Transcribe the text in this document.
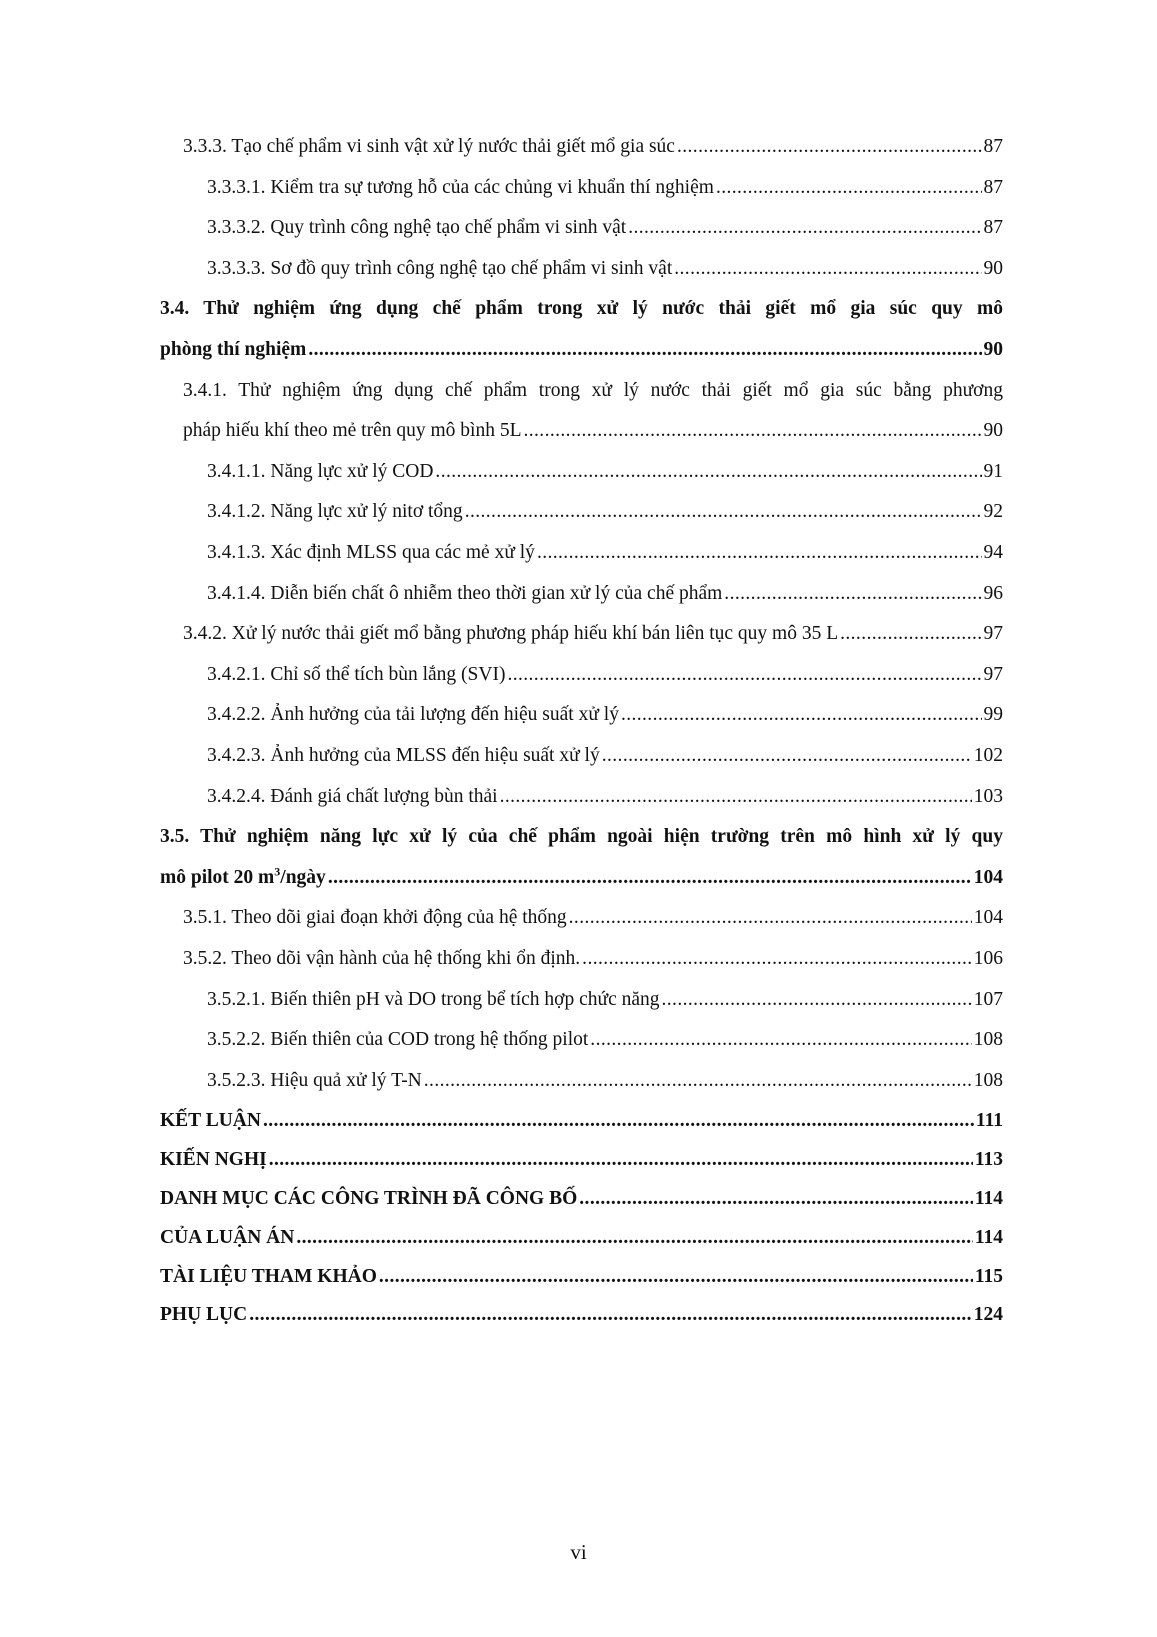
3.3.3. Tạo chế phẩm vi sinh vật xử lý nước thải giết mổ gia súc .....	87
3.3.3.1. Kiểm tra sự tương hỗ của các chủng vi khuẩn thí nghiệm .....	87
3.3.3.2. Quy trình công nghệ tạo chế phẩm vi sinh vật .....	87
3.3.3.3. Sơ đồ quy trình công nghệ tạo chế phẩm vi sinh vật .....	90
3.4. Thử nghiệm ứng dụng chế phẩm trong xử lý nước thải giết mổ gia súc quy mô
phòng thí nghiệm .....	90
3.4.1. Thử nghiệm ứng dụng chế phẩm trong xử lý nước thải giết mổ gia súc bằng phương
pháp hiếu khí theo mẻ trên quy mô bình 5L .....	90
3.4.1.1. Năng lực xử lý COD .....	91
3.4.1.2. Năng lực xử lý nitơ tổng .....	92
3.4.1.3. Xác định MLSS qua các mẻ xử lý .....	94
3.4.1.4. Diễn biến chất ô nhiễm theo thời gian xử lý của chế phẩm .....	96
3.4.2. Xử lý nước thải giết mổ bằng phương pháp hiếu khí bán liên tục quy mô 35 L .....	97
3.4.2.1. Chỉ số thể tích bùn lắng (SVI) .....	97
3.4.2.2. Ảnh hưởng của tải lượng đến hiệu suất xử lý .....	99
3.4.2.3. Ảnh hưởng của MLSS đến hiệu suất xử lý .....	102
3.4.2.4. Đánh giá chất lượng bùn thải .....	103
3.5. Thử nghiệm năng lực xử lý của chế phẩm ngoài hiện trường trên mô hình xử lý quy
mô pilot 20 $m^3$/ngày .....	104
3.5.1. Theo dõi giai đoạn khởi động của hệ thống .....	104
3.5.2. Theo dõi vận hành của hệ thống khi ổn định. .....	106
3.5.2.1. Biến thiên pH và DO trong bể tích hợp chức năng .....	107
3.5.2.2. Biến thiên của COD trong hệ thống pilot .....	108
3.5.2.3. Hiệu quả xử lý T-N .....	108
KẾT LUẬN .....	111
KIẾN NGHỊ .....	113
DANH MỤC CÁC CÔNG TRÌNH ĐÃ CÔNG BỐ .....	114
CỦA LUẬN ÁN .....	114
TÀI LIỆU THAM KHẢO .....	115
PHỤ LỤC .....	124
vi
